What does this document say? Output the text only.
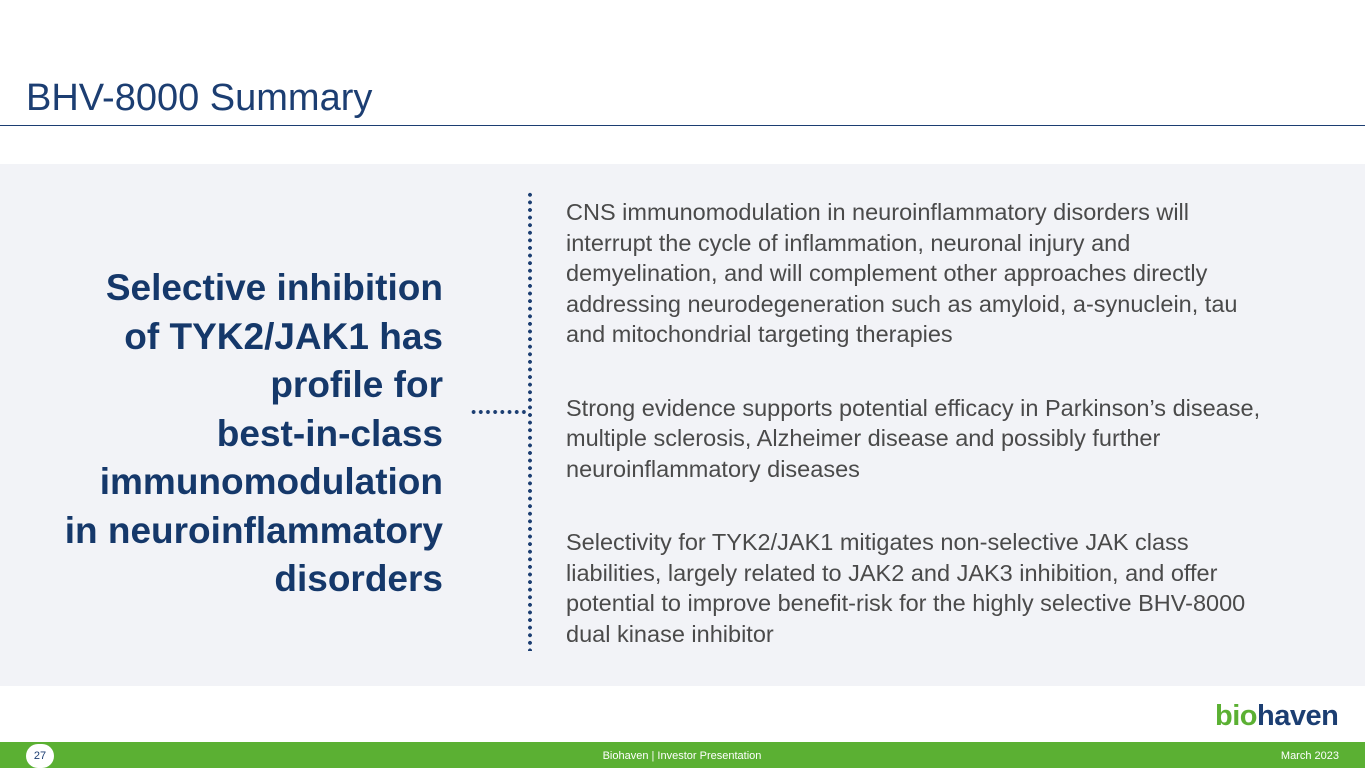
BHV-8000 Summary
Selective inhibition
of TYK2/JAK1 has
profile for
best-in-class
immunomodulation
in neuroinflammatory
disorders
CNS immunomodulation in neuroinflammatory disorders will
interrupt the cycle of inflammation, neuronal injury and
demyelination, and will complement other approaches directly
addressing neurodegeneration such as amyloid, a-synuclein, tau
and mitochondrial targeting therapies
Strong evidence supports potential efficacy in Parkinson’s disease,
multiple sclerosis, Alzheimer disease and possibly further
neuroinflammatory diseases
Selectivity for TYK2/JAK1 mitigates non-selective JAK class
liabilities, largely related to JAK2 and JAK3 inhibition, and offer
potential to improve benefit-risk for the highly selective BHV-8000
dual kinase inhibitor
biohaven
27	Biohaven | Investor Presentation	March 2023
